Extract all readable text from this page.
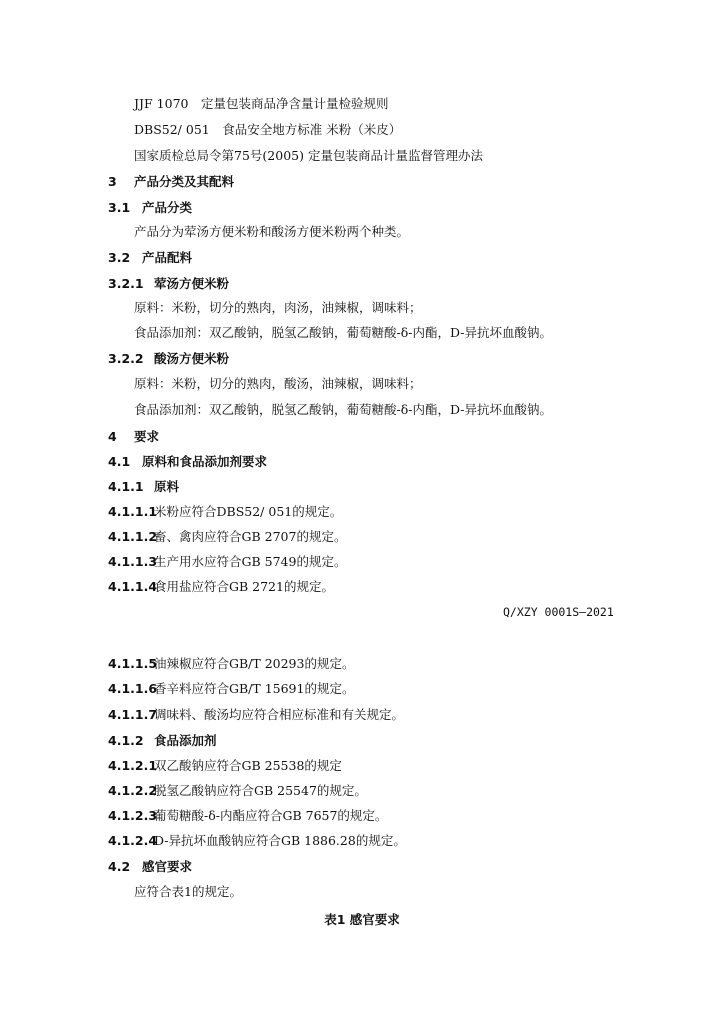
JJF 1070　定量包装商品净含量计量检验规则
DBS52/ 051　食品安全地方标准 米粉（米皮）
国家质检总局令第75号(2005) 定量包装商品计量监督管理办法
3 产品分类及其配料
3.1 产品分类
产品分为荤汤方便米粉和酸汤方便米粉两个种类。
3.2 产品配料
3.2.1 荤汤方便米粉
原料：米粉，切分的熟肉，肉汤，油辣椒，调味料；
食品添加剂：双乙酸钠，脱氢乙酸钠，葡萄糖酸-δ-内酯，D-异抗坏血酸钠。
3.2.2 酸汤方便米粉
原料：米粉，切分的熟肉，酸汤，油辣椒，调味料；
食品添加剂：双乙酸钠，脱氢乙酸钠，葡萄糖酸-δ-内酯，D-异抗坏血酸钠。
4 要求
4.1 原料和食品添加剂要求
4.1.1 原料
4.1.1.1米粉应符合DBS52/ 051的规定。
4.1.1.2畜、禽肉应符合GB 2707的规定。
4.1.1.3生产用水应符合GB 5749的规定。
4.1.1.4食用盐应符合GB 2721的规定。
Q/XZY 0001S—2021
4.1.1.5油辣椒应符合GB/T 20293的规定。
4.1.1.6香辛料应符合GB/T 15691的规定。
4.1.1.7调味料、酸汤均应符合相应标准和有关规定。
4.1.2 食品添加剂
4.1.2.1双乙酸钠应符合GB 25538的规定
4.1.2.2脱氢乙酸钠应符合GB 25547的规定。
4.1.2.3葡萄糖酸-δ-内酯应符合GB 7657的规定。
4.1.2.4D-异抗坏血酸钠应符合GB 1886.28的规定。
4.2 感官要求
应符合表1的规定。
表1 感官要求
